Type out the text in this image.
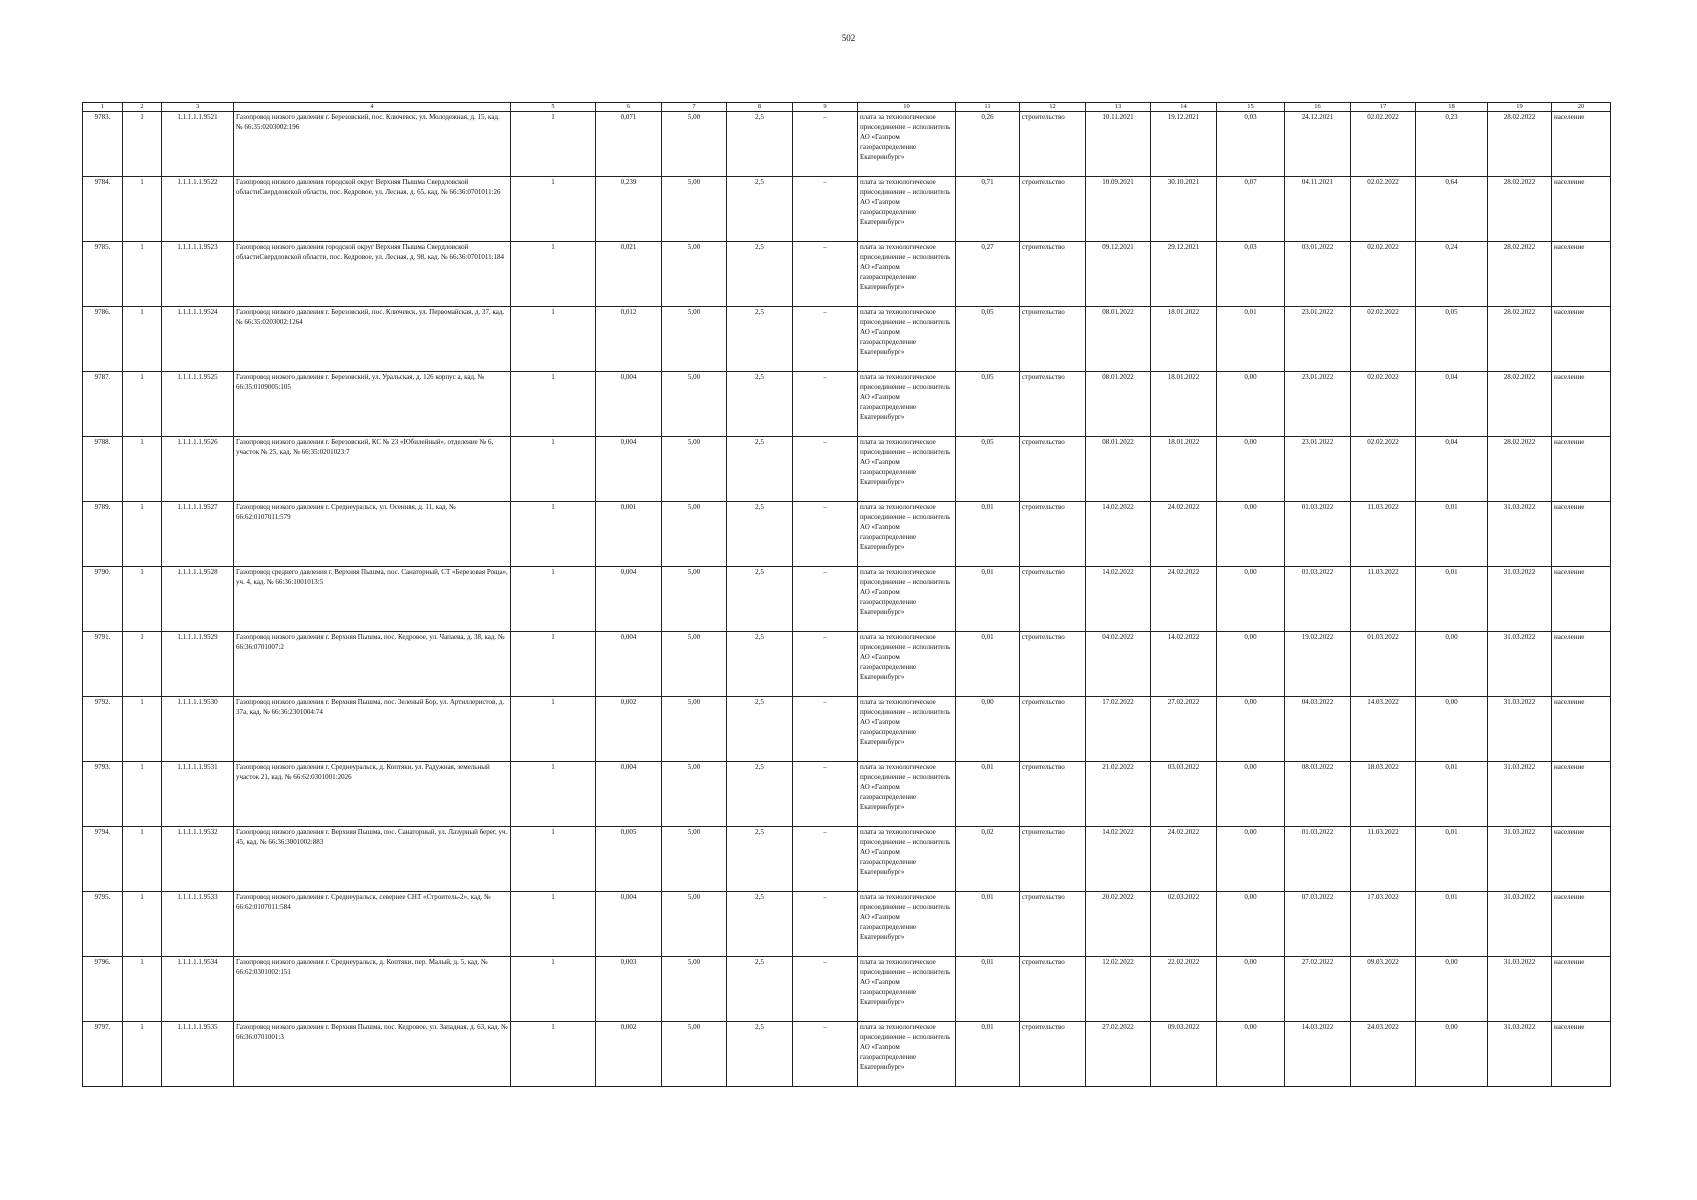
502
1	2	3	4	5	6	7	8	9	10	11	12	13	14	15	16	17	18	19	20
9783.	1	1.1.1.1.1.9521	Газопровод низкого давления г. Березовский, пос. Ключевск, ул. Молодежная, д. 15, кад. № 66:35:0203002:196	1	0,071	5,00	2,5	–	плата за технологическое присоединение – исполнитель АО «Газпром газораспределение Екатеринбург»	0,26	строительство	10.11.2021	19.12.2021	0,03	24.12.2021	02.02.2022	0,23	28.02.2022	население
9784.	1	1.1.1.1.1.9522	Газопровод низкого давления городской округ Верхняя Пышма Свердловской областиСвердловской области, пос. Кедровое, ул. Лесная, д. 65, кад. № 66:36:0701011:26	1	0,239	5,00	2,5	–	плата за технологическое присоединение – исполнитель АО «Газпром газораспределение Екатеринбург»	0,71	строительство	10.09.2021	30.10.2021	0,07	04.11.2021	02.02.2022	0,64	28.02.2022	население
9785.	1	1.1.1.1.1.9523	Газопровод низкого давления городской округ Верхняя Пышма Свердловской областиСвердловской области, пос. Кедровое, ул. Лесная, д. 98, кад. № 66:36:0701011:184	1	0,021	5,00	2,5	–	плата за технологическое присоединение – исполнитель АО «Газпром газораспределение Екатеринбург»	0,27	строительство	09.12.2021	29.12.2021	0,03	03.01.2022	02.02.2022	0,24	28.02.2022	население
9786.	1	1.1.1.1.1.9524	Газопровод низкого давления г. Березовский, пос. Ключевск, ул. Первомайская, д. 37, кад. № 66:35:0203002:1264	1	0,012	5,00	2,5	–	плата за технологическое присоединение – исполнитель АО «Газпром газораспределение Екатеринбург»	0,05	строительство	08.01.2022	18.01.2022	0,01	23.01.2022	02.02.2022	0,05	28.02.2022	население
9787.	1	1.1.1.1.1.9525	Газопровод низкого давления г. Березовский, ул. Уральская, д. 126 корпус а, кад. № 66:35:0109005:105	1	0,004	5,00	2,5	–	плата за технологическое присоединение – исполнитель АО «Газпром газораспределение Екатеринбург»	0,05	строительство	08.01.2022	18.01.2022	0,00	23.01.2022	02.02.2022	0,04	28.02.2022	население
9788.	1	1.1.1.1.1.9526	Газопровод низкого давления г. Березовский, КС № 23 «Юбилейный», отделение № 6, участок № 25, кад. № 66:35:0201023:7	1	0,004	5,00	2,5	–	плата за технологическое присоединение – исполнитель АО «Газпром газораспределение Екатеринбург»	0,05	строительство	08.01.2022	18.01.2022	0,00	23.01.2022	02.02.2022	0,04	28.02.2022	население
9789.	1	1.1.1.1.1.9527	Газопровод низкого давления г. Среднеуральск, ул. Осенняя, д. 11, кад. № 66:62:0107011:579	1	0,001	5,00	2,5	–	плата за технологическое присоединение – исполнитель АО «Газпром газораспределение Екатеринбург»	0,01	строительство	14.02.2022	24.02.2022	0,00	01.03.2022	11.03.2022	0,01	31.03.2022	население
9790.	1	1.1.1.1.1.9528	Газопровод среднего давления г. Верхняя Пышма, пос. Санаторный, СТ «Березовая Роща», уч. 4, кад. № 66:36:1001013:5	1	0,004	5,00	2,5	–	плата за технологическое присоединение – исполнитель АО «Газпром газораспределение Екатеринбург»	0,01	строительство	14.02.2022	24.02.2022	0,00	01.03.2022	11.03.2022	0,01	31.03.2022	население
9791.	1	1.1.1.1.1.9529	Газопровод низкого давления г. Верхняя Пышма, пос. Кедровое, ул. Чапаева, д. 38, кад. № 66:36:0701007:2	1	0,004	5,00	2,5	–	плата за технологическое присоединение – исполнитель АО «Газпром газораспределение Екатеринбург»	0,01	строительство	04.02.2022	14.02.2022	0,00	19.02.2022	01.03.2022	0,00	31.03.2022	население
9792.	1	1.1.1.1.1.9530	Газопровод низкого давления г. Верхняя Пышма, пос. Зеленый Бор, ул. Артиллеристов, д. 37а, кад. № 66:36:2301004:74	1	0,002	5,00	2,5	–	плата за технологическое присоединение – исполнитель АО «Газпром газораспределение Екатеринбург»	0,00	строительство	17.02.2022	27.02.2022	0,00	04.03.2022	14.03.2022	0,00	31.03.2022	население
9793.	1	1.1.1.1.1.9531	Газопровод низкого давления г. Среднеуральск, д. Коптяки, ул. Радужная, земельный участок 21, кад. № 66:62:0301001:2026	1	0,004	5,00	2,5	–	плата за технологическое присоединение – исполнитель АО «Газпром газораспределение Екатеринбург»	0,01	строительство	21.02.2022	03.03.2022	0,00	08.03.2022	18.03.2022	0,01	31.03.2022	население
9794.	1	1.1.1.1.1.9532	Газопровод низкого давления г. Верхняя Пышма, пос. Санаторный, ул. Лазурный берег, уч. 45, кад. № 66:36:3001002:883	1	0,005	5,00	2,5	–	плата за технологическое присоединение – исполнитель АО «Газпром газораспределение Екатеринбург»	0,02	строительство	14.02.2022	24.02.2022	0,00	01.03.2022	11.03.2022	0,01	31.03.2022	население
9795.	1	1.1.1.1.1.9533	Газопровод низкого давления г. Среднеуральск, севернее СНТ «Строитель-2», кад. № 66:62:0107011:584	1	0,004	5,00	2,5	–	плата за технологическое присоединение – исполнитель АО «Газпром газораспределение Екатеринбург»	0,01	строительство	20.02.2022	02.03.2022	0,00	07.03.2022	17.03.2022	0,01	31.03.2022	население
9796.	1	1.1.1.1.1.9534	Газопровод низкого давления г. Среднеуральск, д. Коптяки, пер. Малый, д. 5, кад. № 66:62:0301002:151	1	0,003	5,00	2,5	–	плата за технологическое присоединение – исполнитель АО «Газпром газораспределение Екатеринбург»	0,01	строительство	12.02.2022	22.02.2022	0,00	27.02.2022	09.03.2022	0,00	31.03.2022	население
9797.	1	1.1.1.1.1.9535	Газопровод низкого давления г. Верхняя Пышма, пос. Кедровое, ул. Западная, д. 63, кад. № 66:36:0701001:3	1	0,002	5,00	2,5	–	плата за технологическое присоединение – исполнитель АО «Газпром газораспределение Екатеринбург»	0,01	строительство	27.02.2022	09.03.2022	0,00	14.03.2022	24.03.2022	0,00	31.03.2022	население
